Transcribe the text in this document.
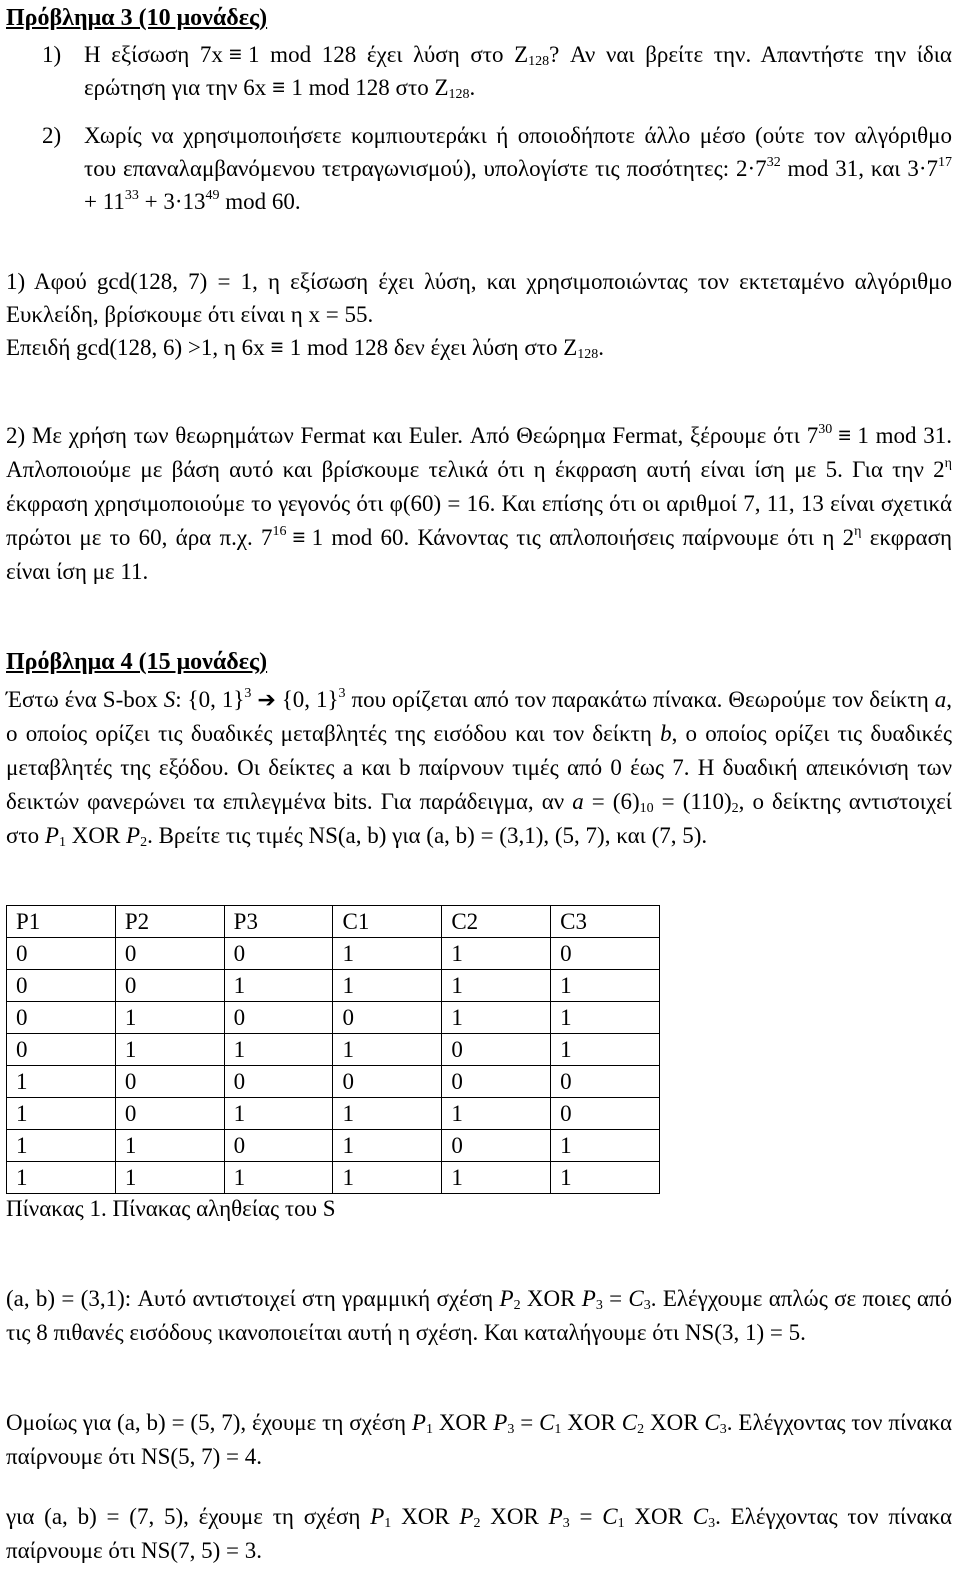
Πρόβλημα 3 (10 μονάδες)

1) Η εξίσωση 7x ≡ 1 mod 128 έχει λύση στο $Z_{128}$? Αν ναι βρείτε την. Απαντήστε την ίδια ερώτηση για την 6x ≡ 1 mod 128 στο $Z_{128}$.
2) Χωρίς να χρησιμοποιήσετε κομπιουτεράκι ή οποιοδήποτε άλλο μέσο (ούτε τον αλγόριθμο του επαναλαμβανόμενου τετραγωνισμού), υπολογίστε τις ποσότητες: $2\cdot 7^{32}$ mod 31, και $3\cdot 7^{17} + 11^{33} + 3\cdot 13^{49}$ mod 60.

1) Αφού gcd(128, 7) = 1, η εξίσωση έχει λύση, και χρησιμοποιώντας τον εκτεταμένο αλγόριθμο Ευκλείδη, βρίσκουμε ότι είναι η x = 55.

Επειδή gcd(128, 6) >1, η 6x ≡ 1 mod 128 δεν έχει λύση στο $Z_{128}$.

2) Με χρήση των θεωρημάτων Fermat και Euler. Από Θεώρημα Fermat, ξέρουμε ότι $7^{30} \equiv 1$ mod 31. Απλοποιούμε με βάση αυτό και βρίσκουμε τελικά ότι η έκφραση αυτή είναι ίση με 5. Για την $2^\eta$ έκφραση χρησιμοποιούμε το γεγονός ότι φ(60) = 16. Και επίσης ότι οι αριθμοί 7, 11, 13 είναι σχετικά πρώτοι με το 60, άρα π.χ. $7^{16} \equiv 1$ mod 60. Κάνοντας τις απλοποιήσεις παίρνουμε ότι η $2^\eta$ εκφραση είναι ίση με 11.

Πρόβλημα 4 (15 μονάδες)

Έστω ένα S-box S: {0, 1}$^3$ ➔ {0, 1}$^3$ που ορίζεται από τον παρακάτω πίνακα. Θεωρούμε τον δείκτη a, ο οποίος ορίζει τις δυαδικές μεταβλητές της εισόδου και τον δείκτη b, ο οποίος ορίζει τις δυαδικές μεταβλητές της εξόδου. Οι δείκτες a και b παίρνουν τιμές από 0 έως 7. Η δυαδική απεικόνιση των δεικτών φανερώνει τα επιλεγμένα bits. Για παράδειγμα, αν $a = (6)_{10} = (110)_2$, ο δείκτης αντιστοιχεί στο $P_1$ XOR $P_2$. Βρείτε τις τιμές NS(a, b) για (a, b) = (3,1), (5, 7), και (7, 5).

P1	P2	P3	C1	C2	C3
0	0	0	1	1	0
0	0	1	1	1	1
0	1	0	0	1	1
0	1	1	1	0	1
1	0	0	0	0	0
1	0	1	1	1	0
1	1	0	1	0	1
1	1	1	1	1	1

Πίνακας 1. Πίνακας αληθείας του S

(a, b) = (3,1): Αυτό αντιστοιχεί στη γραμμική σχέση $P_2$ XOR $P_3 = C_3$. Ελέγχουμε απλώς σε ποιες από τις 8 πιθανές εισόδους ικανοποιείται αυτή η σχέση. Και καταλήγουμε ότι NS(3, 1) = 5.

Ομοίως για (a, b) = (5, 7), έχουμε τη σχέση $P_1$ XOR $P_3 = C_1$ XOR $C_2$ XOR $C_3$. Ελέγχοντας τον πίνακα παίρνουμε ότι NS(5, 7) = 4.

για (a, b) = (7, 5), έχουμε τη σχέση $P_1$ XOR $P_2$ XOR $P_3 = C_1$ XOR $C_3$. Ελέγχοντας τον πίνακα παίρνουμε ότι NS(7, 5) = 3.
